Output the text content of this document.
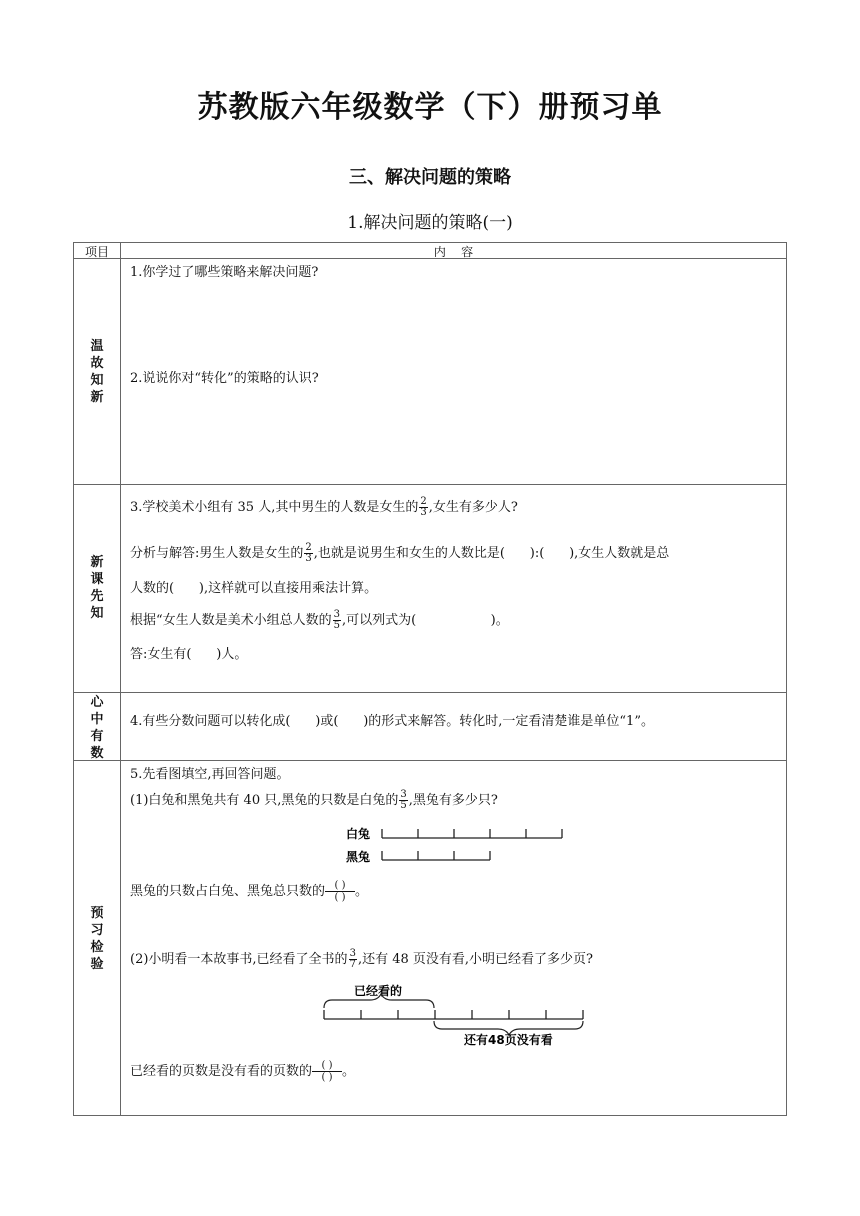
苏教版六年级数学（下）册预习单
三、解决问题的策略
1.解决问题的策略(一)
项目	内    容
温
故
知
新
新
课
先
知
心
中
有
数
预
习
检
验
1.你学过了哪些策略来解决问题?
2.说说你对“转化”的策略的认识?
3.学校美术小组有 35 人,其中男生的人数是女生的 $\frac{2}{3}$ ,女生有多少人?
分析与解答:男生人数是女生的 $\frac{2}{3}$ ,也就是说男生和女生的人数比是(      ):(      ),女生人数就是总
人数的(      ),这样就可以直接用乘法计算。
根据“女生人数是美术小组总人数的 $\frac{3}{5}$ ,可以列式为(                  )。
答:女生有(      )人。
4.有些分数问题可以转化成(      )或(      )的形式来解答。转化时,一定看清楚谁是单位“1”。
5.先看图填空,再回答问题。
(1)白兔和黑兔共有 40 只,黑兔的只数是白兔的 $\frac{3}{5}$ ,黑兔有多少只?
白兔
黑兔
黑兔的只数占白兔、黑兔总只数的 $\frac{( )}{( )}$。
(2)小明看一本故事书,已经看了全书的 $\frac{3}{7}$ ,还有 48 页没有看,小明已经看了多少页?
已经看的
还有48页没有看
已经看的页数是没有看的页数的 $\frac{( )}{( )}$。
